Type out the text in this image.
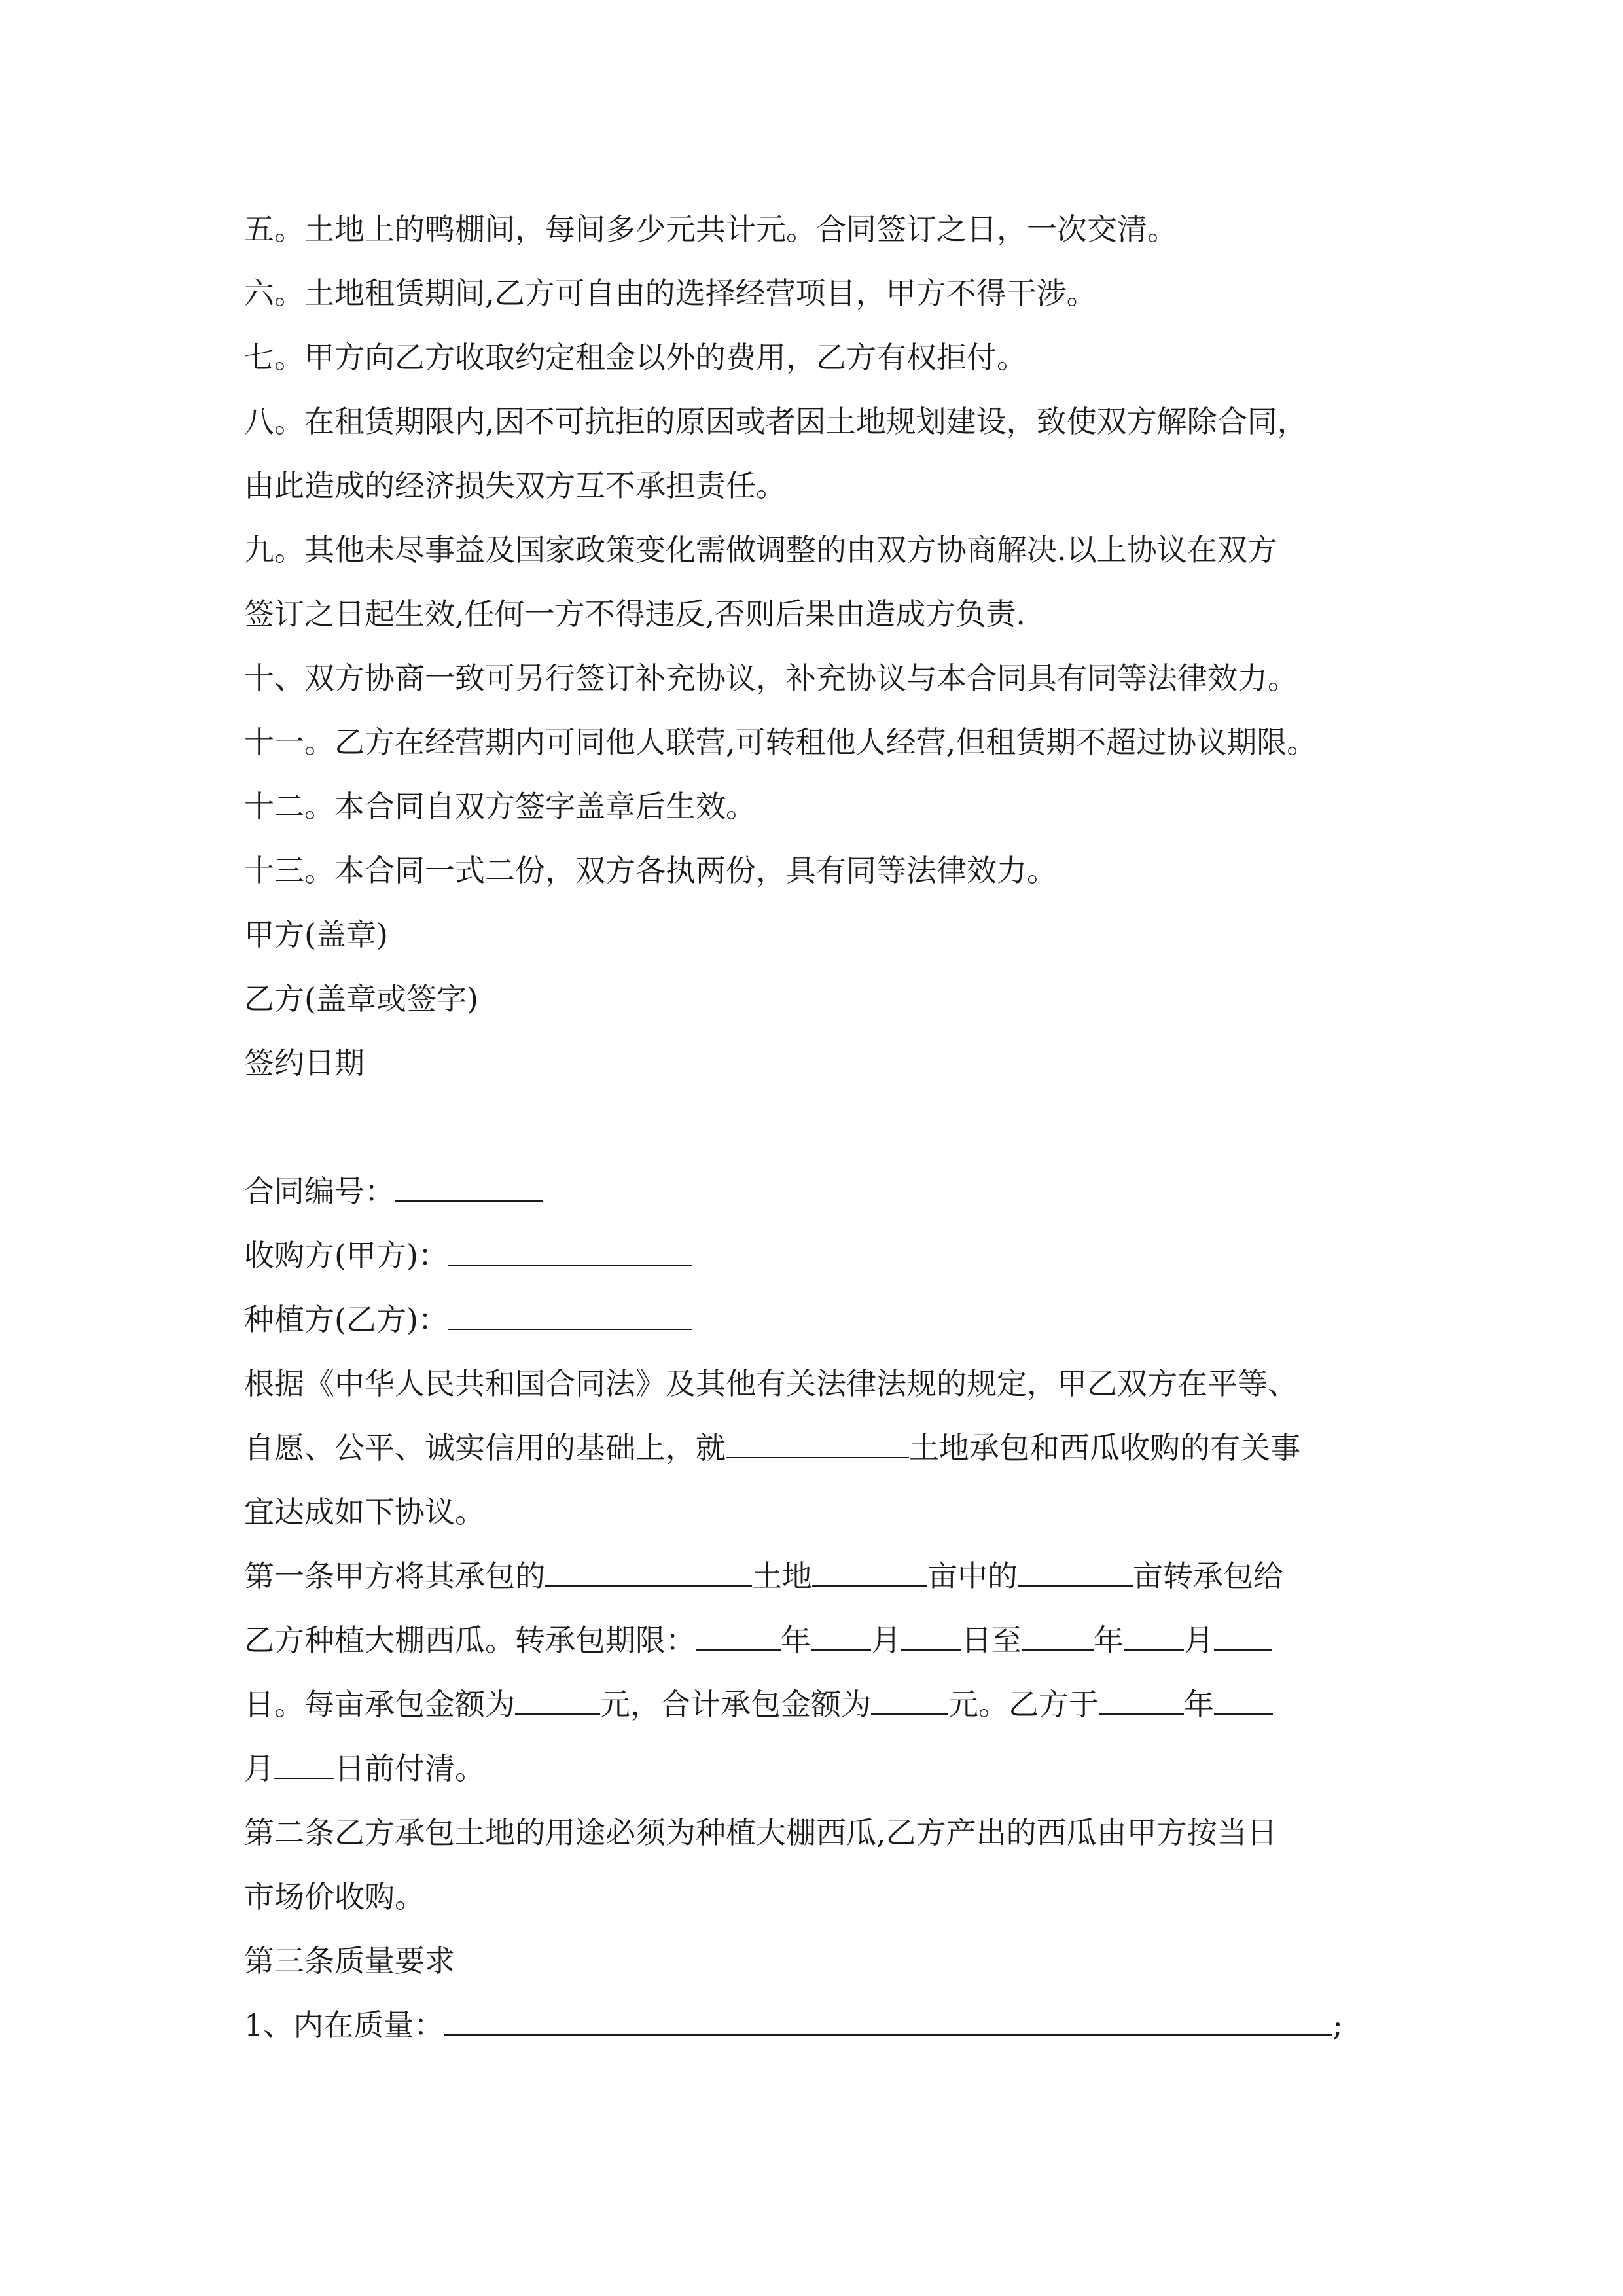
五。土地上的鸭棚间，每间多少元共计元。合同签订之日，一次交清。
六。土地租赁期间,乙方可自由的选择经营项目，甲方不得干涉。
七。甲方向乙方收取约定租金以外的费用，乙方有权拒付。
八。在租赁期限内,因不可抗拒的原因或者因土地规划建设，致使双方解除合同，
由此造成的经济损失双方互不承担责任。
九。其他未尽事益及国家政策变化需做调整的由双方协商解决.以上协议在双方
签订之日起生效,任何一方不得违反,否则后果由造成方负责.
十、双方协商一致可另行签订补充协议，补充协议与本合同具有同等法律效力。
十一。乙方在经营期内可同他人联营,可转租他人经营,但租赁期不超过协议期限。
十二。本合同自双方签字盖章后生效。
十三。本合同一式二份，双方各执两份，具有同等法律效力。
甲方(盖章)
乙方(盖章或签字)
签约日期
合同编号：
收购方(甲方)：
种植方(乙方)：
根据《中华人民共和国合同法》及其他有关法律法规的规定，甲乙双方在平等、
自愿、公平、诚实信用的基础上，就	土地承包和西瓜收购的有关事
宜达成如下协议。
第一条甲方将其承包的	土地	亩中的	亩转承包给
乙方种植大棚西瓜。转承包期限：	年 月 日至 年 月
日。每亩承包金额为	元，合计承包金额为	元。乙方于	年
月 日前付清。
第二条乙方承包土地的用途必须为种植大棚西瓜,乙方产出的西瓜由甲方按当日
市场价收购。
第三条质量要求
1、内在质量：	;
